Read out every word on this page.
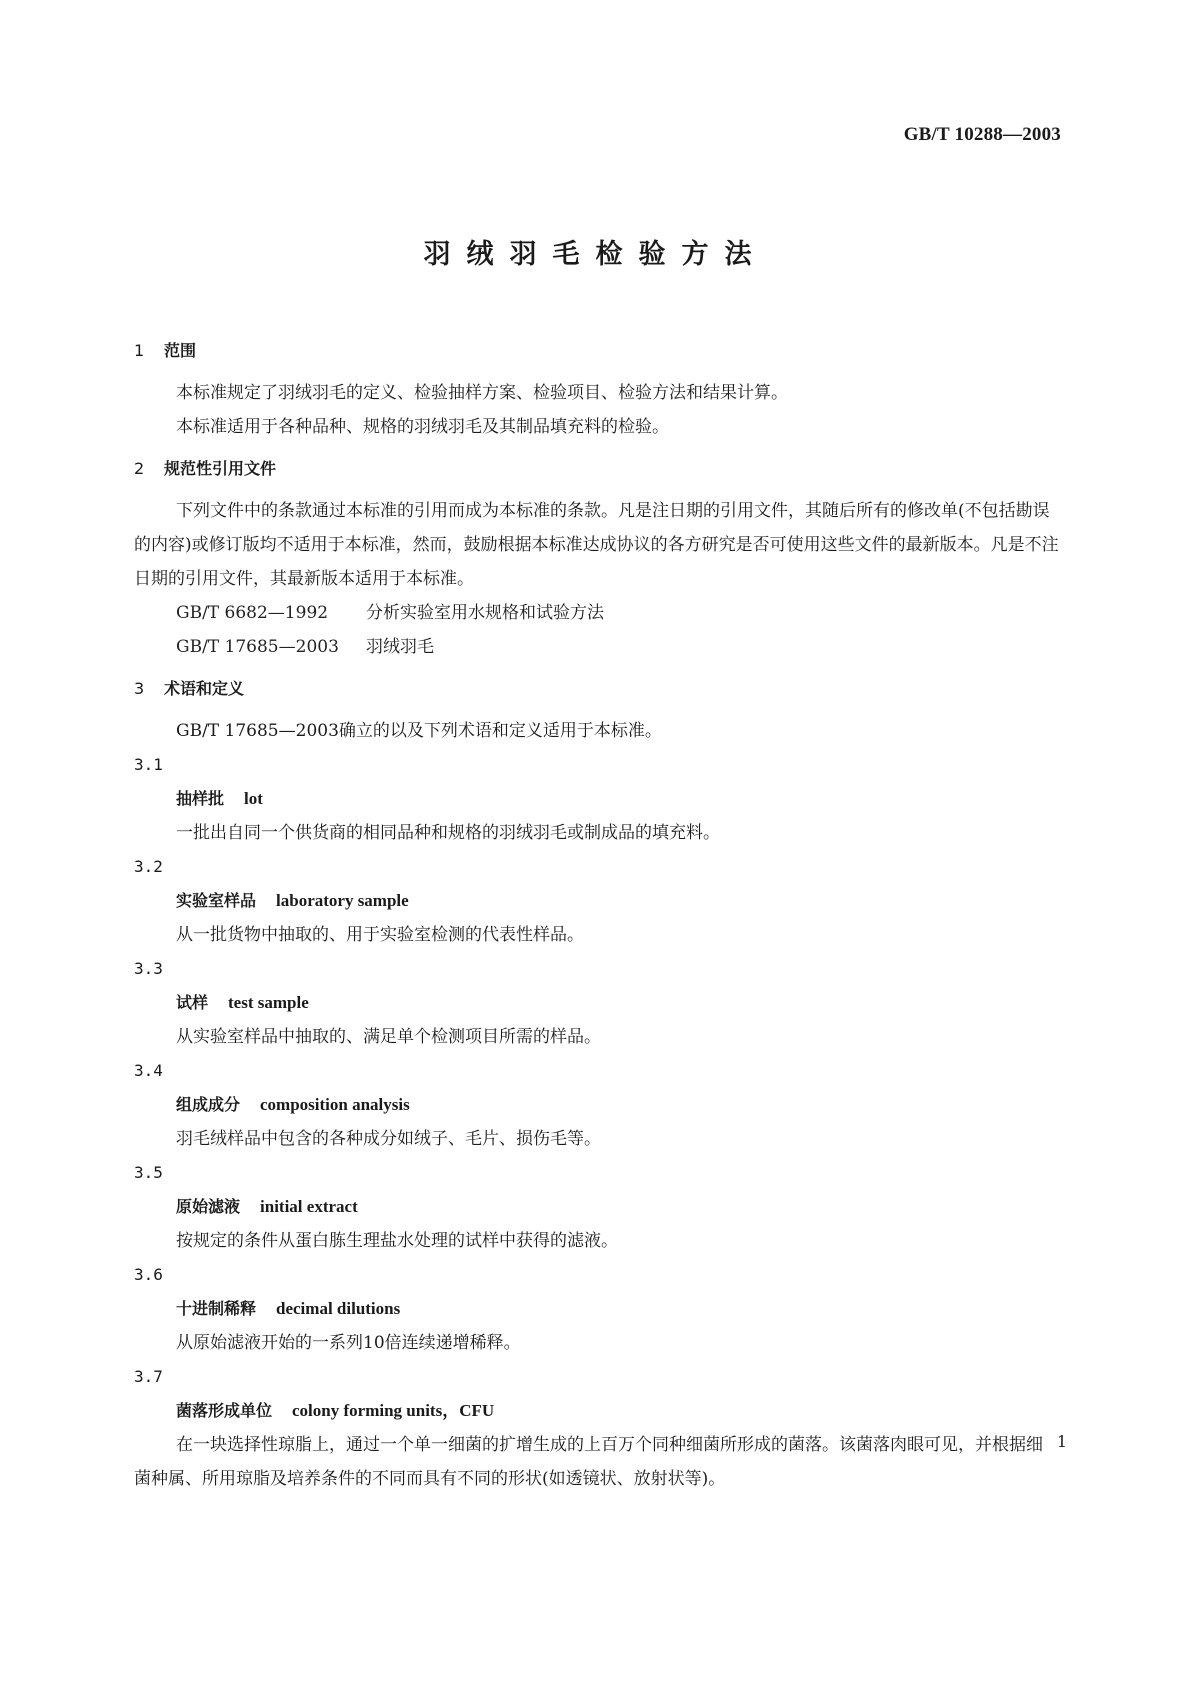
GB/T 10288—2003
羽绒羽毛检验方法
1 范围

本标准规定了羽绒羽毛的定义、检验抽样方案、检验项目、检验方法和结果计算。

本标准适用于各种品种、规格的羽绒羽毛及其制品填充料的检验。

2 规范性引用文件

下列文件中的条款通过本标准的引用而成为本标准的条款。凡是注日期的引用文件，其随后所有的修改单(不包括勘误的内容)或修订版均不适用于本标准，然而，鼓励根据本标准达成协议的各方研究是否可使用这些文件的最新版本。凡是不注日期的引用文件，其最新版本适用于本标准。

GB/T 6682—1992 分析实验室用水规格和试验方法

GB/T 17685—2003 羽绒羽毛

3 术语和定义

GB/T 17685—2003确立的以及下列术语和定义适用于本标准。

3.1

抽样批 lot

一批出自同一个供货商的相同品种和规格的羽绒羽毛或制成品的填充料。

3.2

实验室样品 laboratory sample

从一批货物中抽取的、用于实验室检测的代表性样品。

3.3

试样 test sample

从实验室样品中抽取的、满足单个检测项目所需的样品。

3.4

组成成分 composition analysis

羽毛绒样品中包含的各种成分如绒子、毛片、损伤毛等。

3.5

原始滤液 initial extract

按规定的条件从蛋白胨生理盐水处理的试样中获得的滤液。

3.6

十进制稀释 decimal dilutions

从原始滤液开始的一系列10倍连续递增稀释。

3.7

菌落形成单位 colony forming units，CFU

在一块选择性琼脂上，通过一个单一细菌的扩增生成的上百万个同种细菌所形成的菌落。该菌落肉眼可见，并根据细菌种属、所用琼脂及培养条件的不同而具有不同的形状(如透镜状、放射状等)。

1
